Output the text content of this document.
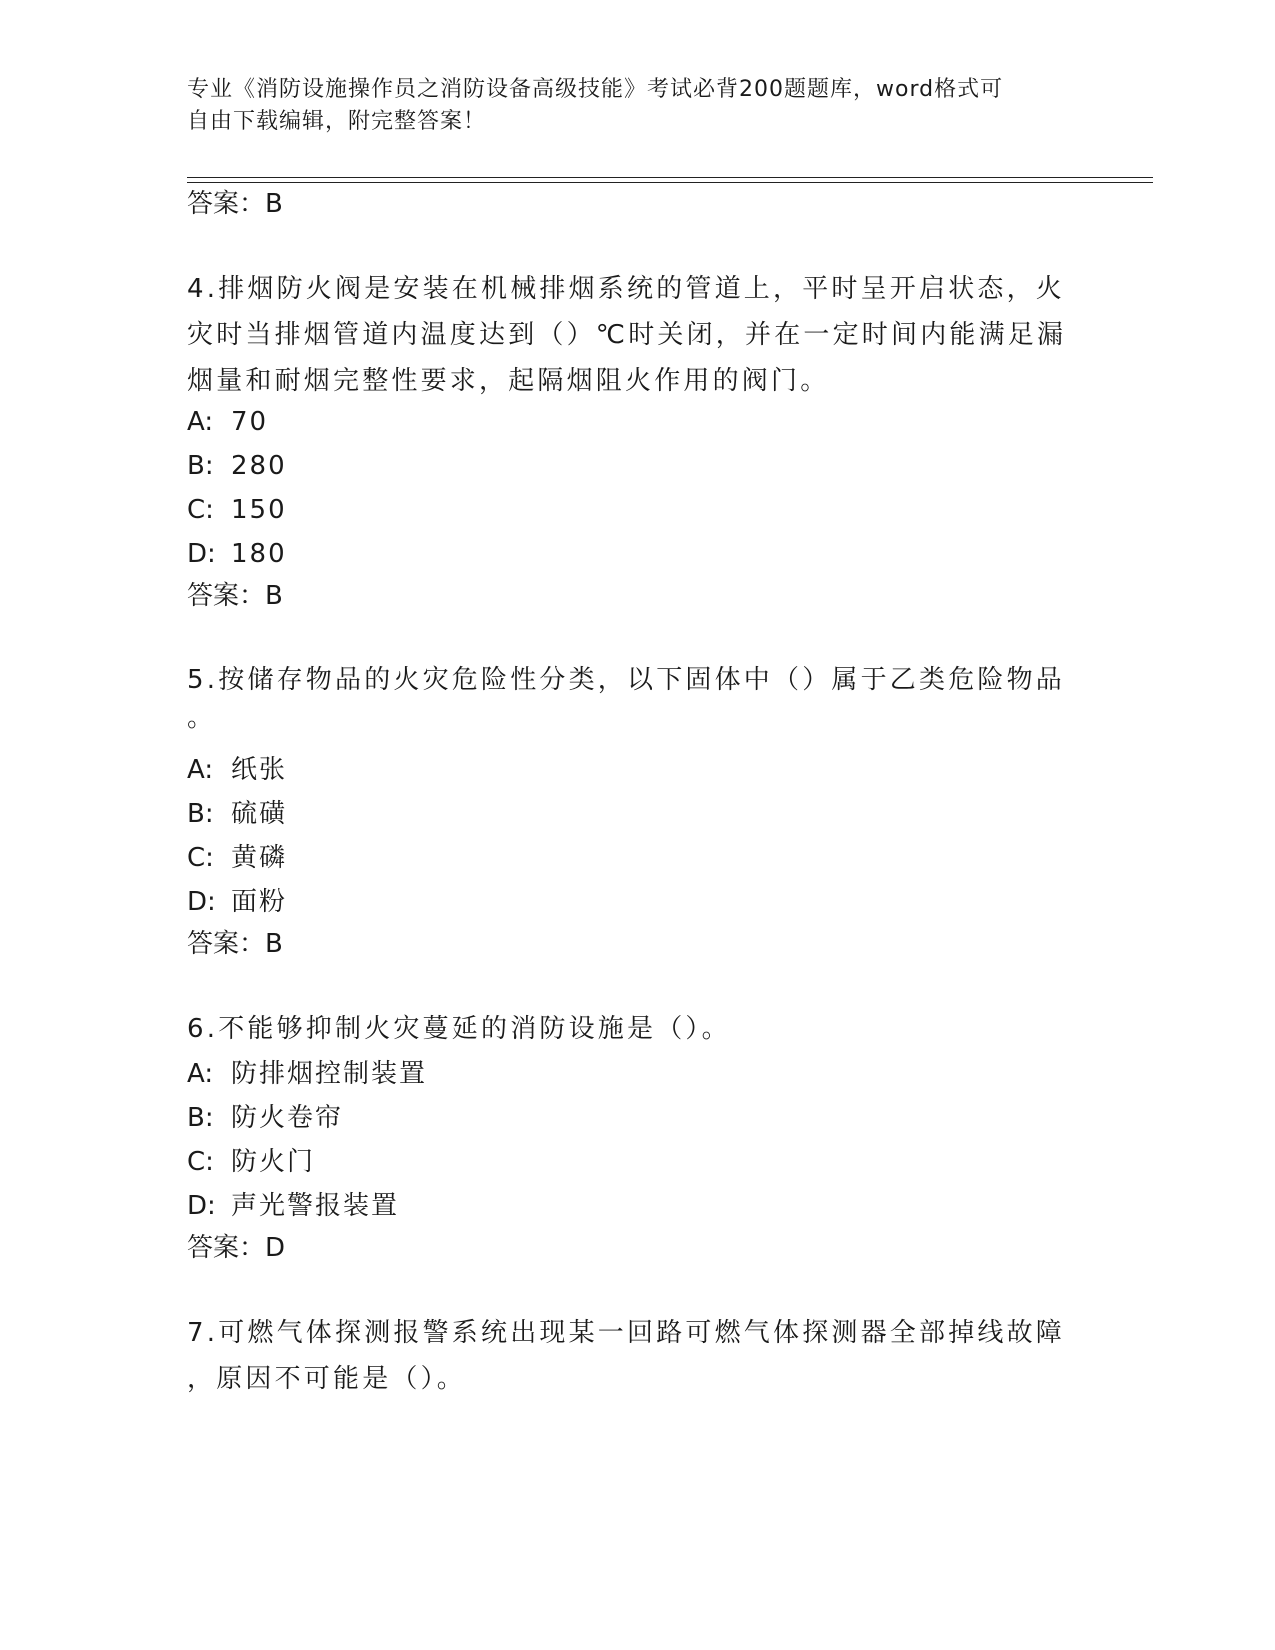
专业《消防设施操作员之消防设备高级技能》考试必背200题题库，word格式可
自由下载编辑，附完整答案！
答案：B
4.排烟防火阀是安装在机械排烟系统的管道上，平时呈开启状态，火
灾时当排烟管道内温度达到（）℃时关闭，并在一定时间内能满足漏
烟量和耐烟完整性要求，起隔烟阻火作用的阀门。
A: 70
B: 280
C: 150
D: 180
答案：B
5.按储存物品的火灾危险性分类，以下固体中（）属于乙类危险物品
。
A: 纸张
B: 硫磺
C: 黄磷
D: 面粉
答案：B
6.不能够抑制火灾蔓延的消防设施是（）。
A: 防排烟控制装置
B: 防火卷帘
C: 防火门
D: 声光警报装置
答案：D
7.可燃气体探测报警系统出现某一回路可燃气体探测器全部掉线故障
，原因不可能是（）。
